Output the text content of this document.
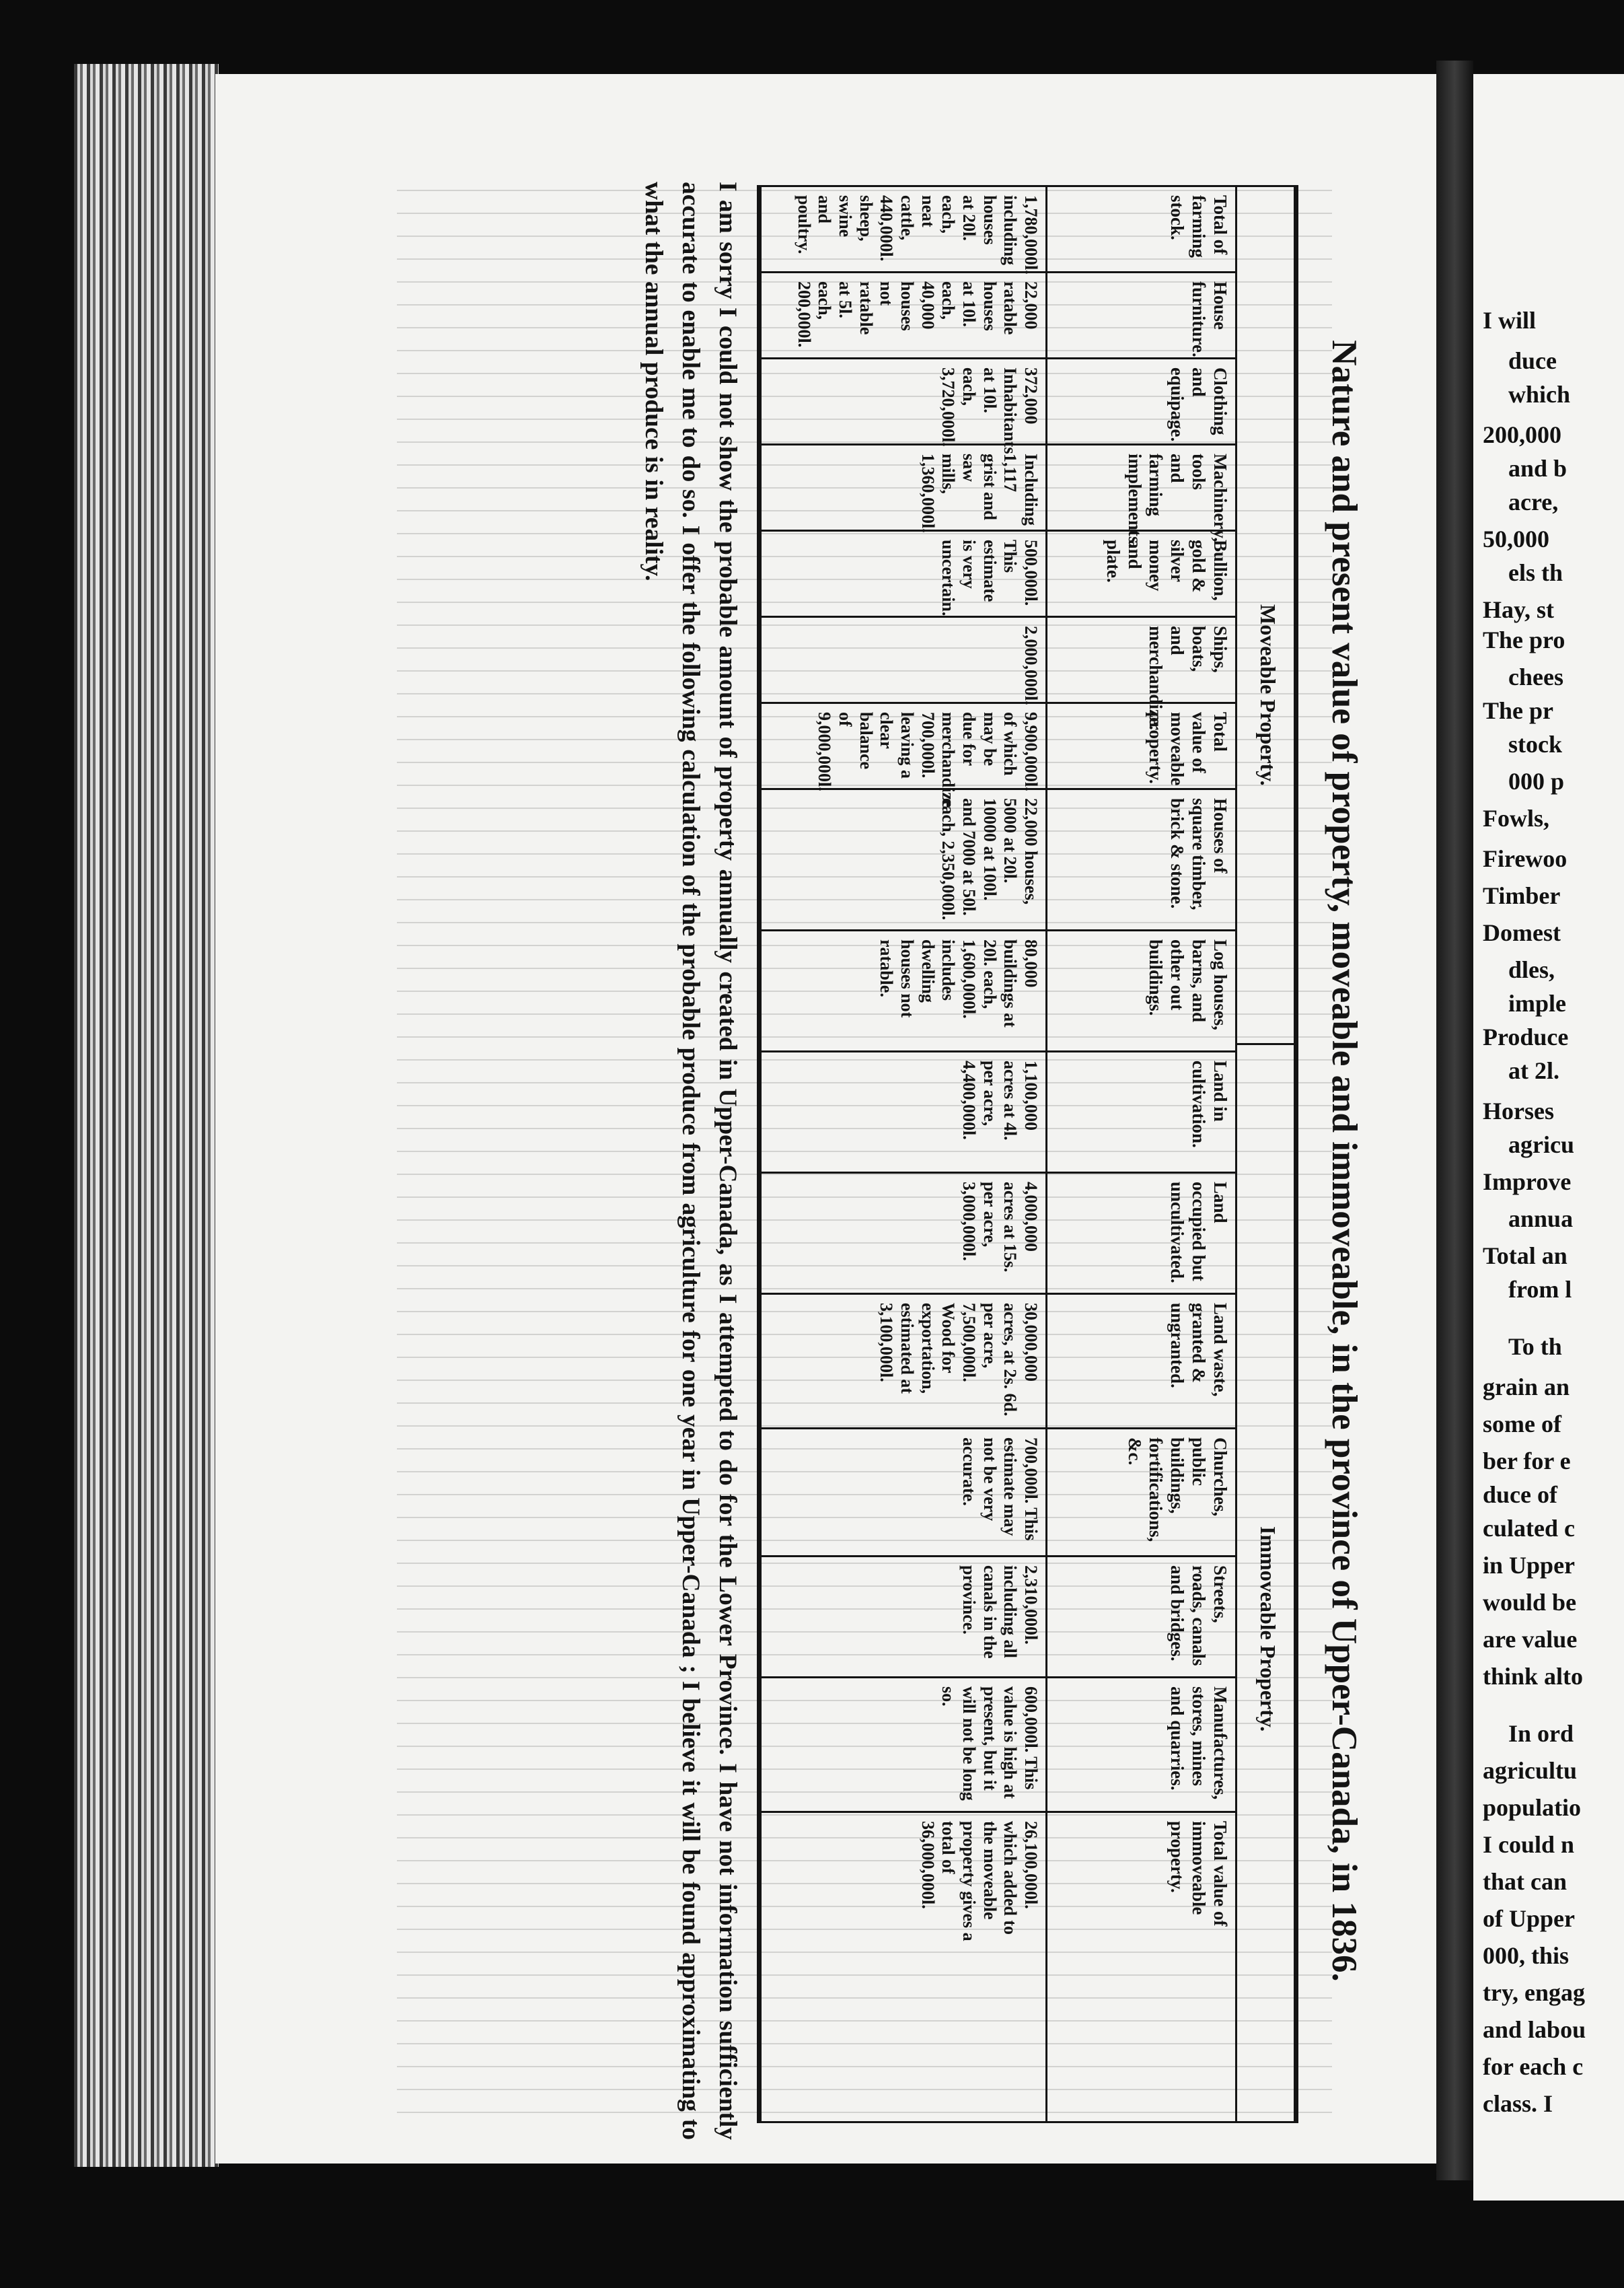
I will
duce
which
200,000
and b
acre,
50,000
els th
Hay, st
The pro
chees
The pr
stock
000 p
Fowls,
Firewoo
Timber
Domest
dles,
imple
Produce
at 2l.
Horses
agricu
Improve
annua
Total an
from l
To th
grain an
some of
ber for e
duce of
culated c
in Upper
would be
are value
think alto
In ord
agricultu
populatio
I could n
that can
of Upper
000, this
try, engag
and labou
for each c
class. I
Nature and present value of property, moveable and immoveable, in the province of Upper-Canada, in 1836.
Moveable Property.
Immoveable Property.
Total of farming stock.
House furniture.
Clothing and equipage.
Machinery, tools and farming implements.
Bullion, gold & silver money and plate.
Ships, boats, and merchandize.
Total value of moveable property.
Houses of square timber, brick & stone.
Log houses, barns, and other out buildings.
Land in cultivation.
Land occupied but uncultivated.
Land waste, granted & ungranted.
Churches, public buildings, fortifications, &c.
Streets, roads, canals and bridges.
Manufactures, stores, mines and quarries.
Total value of immoveable property.
1,780,000l. including houses at 20l. each, neat cattle, 440,000l. sheep, swine and poultry.
22,000 ratable houses at 10l. each, 40,000 houses not ratable at 5l. each, 200,000l.
372,000 Inhabitants at 10l. each, 3,720,000l.
Including 1,117 grist and saw mills, 1,360,000l.
500,000l. This estimate is very uncertain.
2,000,000l.
9,900,000l. of which may be due for merchandize 700,000l. leaving a clear balance of 9,000,000l.
22,000 houses, 5000 at 20l. 10000 at 100l. and 7000 at 50l. each, 2,350,000l.
80,000 buildings at 20l. each, 1,600,000l. includes dwelling houses not ratable.
1,100,000 acres at 4l. per acre, 4,400,000l.
4,000,000 acres at 15s. per acre, 3,000,000l.
30,000,000 acres, at 2s. 6d. per acre, 7,500,000l. Wood for exportation, estimated at 3,100,000l.
700,000l. This estimate may not be very accurate.
2,310,000l. including all canals in the province.
600,000l. This value is high at present, but it will not be long so.
26,100,000l. which added to the moveable property gives a total of 36,000,000l.
I am sorry I could not show the probable amount of property annually created in Upper-Canada, as I attempted to do for the Lower Province. I have not information sufficiently accurate to enable me to do so. I offer the following calculation of the probable produce from agriculture for one year in Upper-Canada ; I believe it will be found approximating to what the annual produce is in reality.
